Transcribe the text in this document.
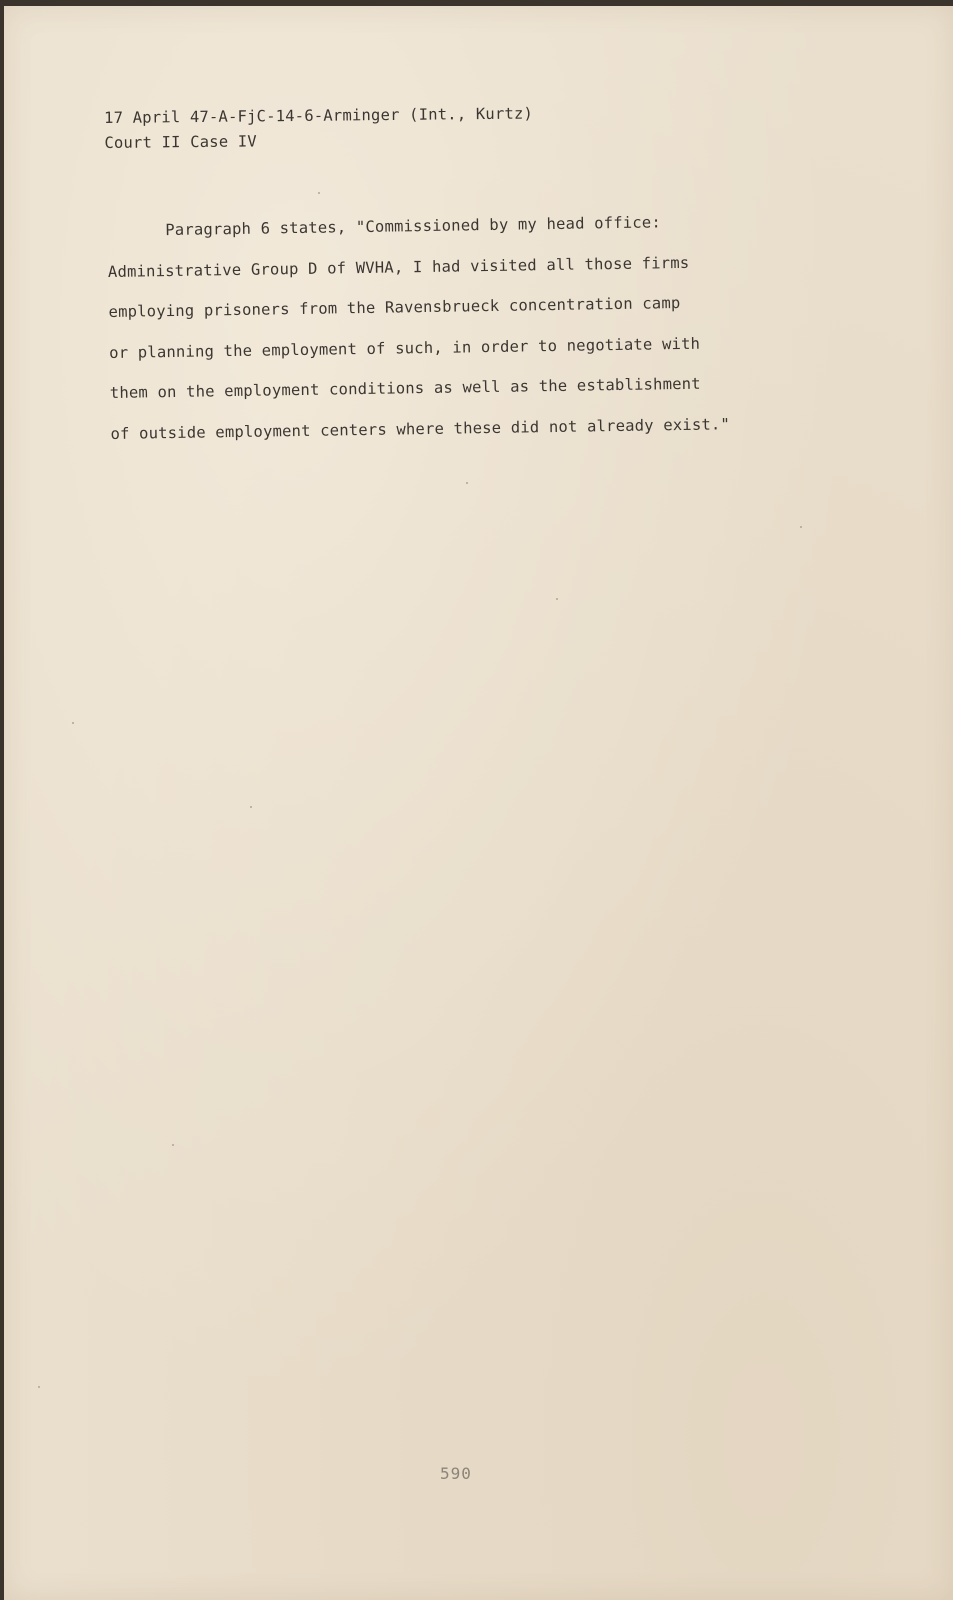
17 April 47-A-FjC-14-6-Arminger (Int., Kurtz)
Court II Case IV
Paragraph 6 states, "Commissioned by my head office:
Administrative Group D of WVHA, I had visited all those firms
employing prisoners from the Ravensbrueck concentration camp
or planning the employment of such, in order to negotiate with
them on the employment conditions as well as the establishment
of outside employment centers where these did not already exist."
590
